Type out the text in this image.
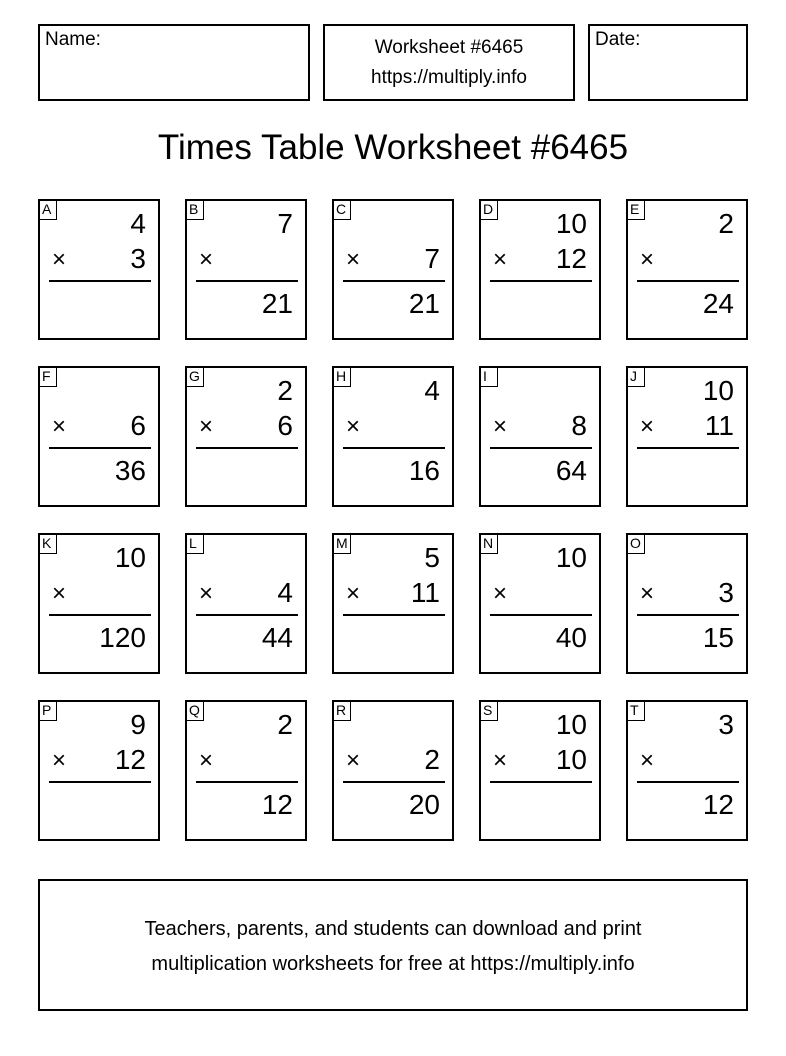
Name:	Worksheet #6465
https://multiply.info
Date:
Times Table Worksheet #6465
A	4
× 3
B	7
×
21
C
× 7
21
D 10
× 12
E	2
×
24
F
× 6
36
G	2
× 6
H	4
×
16
I
× 8
64
J 10
× 11
K 10
×
120
L
× 4
44
M	5
× 11
N 10
×
40
O
× 3
15
P	9
× 12
Q	2
×
12
R
× 2
20
S 10
× 10
T	3
×
12
Teachers, parents, and students can download and print
multiplication worksheets for free at https://multiply.info
